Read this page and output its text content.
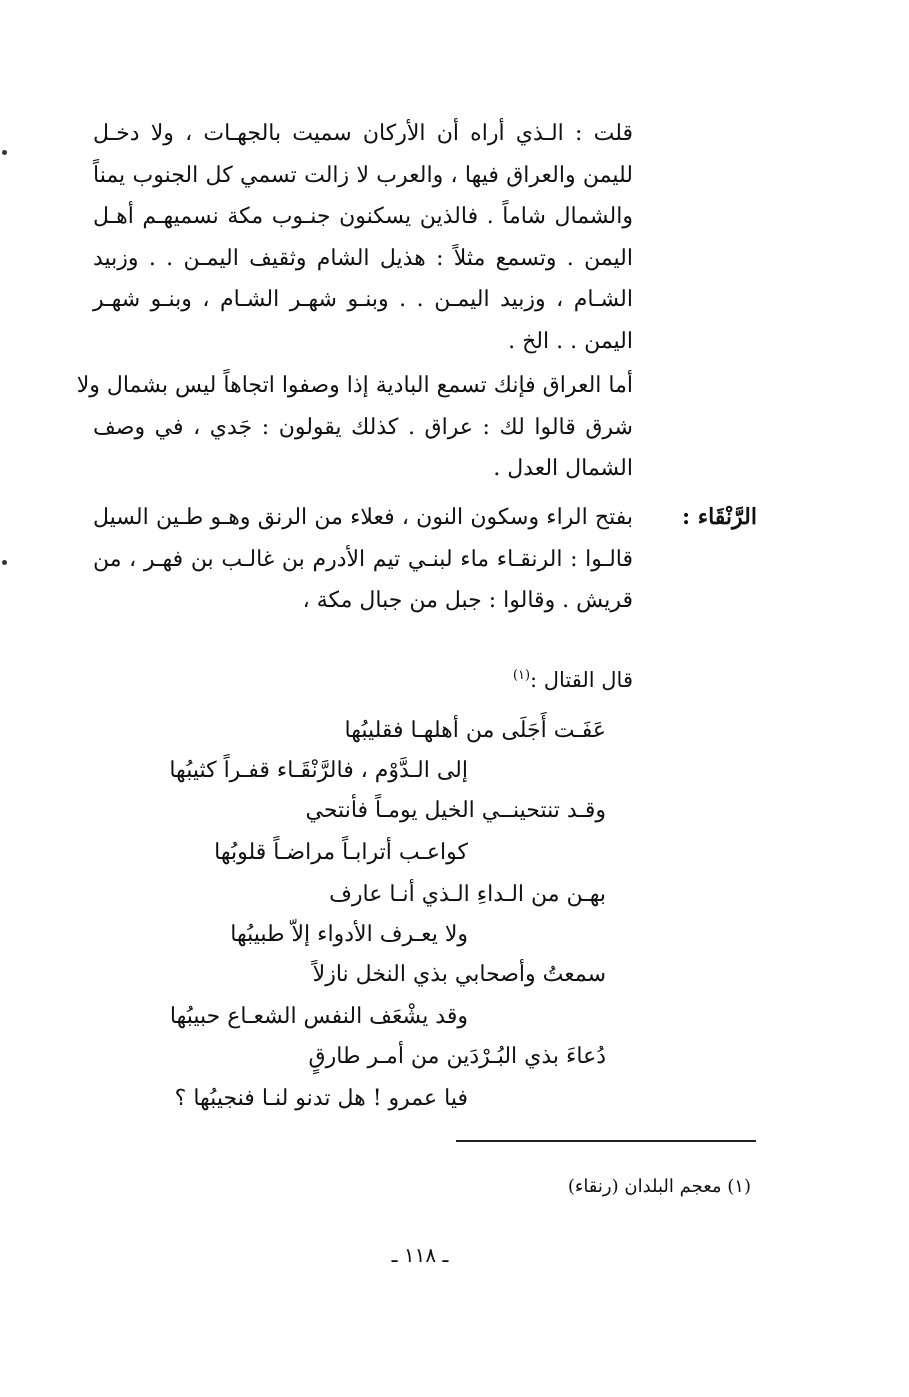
قلت : الـذي أراه أن الأركان سميت بالجهـات ، ولا دخـل
لليمن والعراق فيها ، والعرب لا زالت تسمي كل الجنوب يمناً
والشمال شاماً . فالذين يسكنون جنـوب مكة نسميهـم أهـل
اليمن . وتسمع مثلاً : هذيل الشام وثقيف اليمـن . . وزبيد
الشـام ، وزبيد اليمـن . . وبنـو شهـر الشـام ، وبنـو شهـر
اليمن . . الخ .
أما العراق فإنك تسمع البادية إذا وصفوا اتجاهاً ليس بشمال ولا
شرق قالوا لك : عراق . كذلك يقولون : جَدي ، في وصف
الشمال العدل .
الرَّنْقَاء :
بفتح الراء وسكون النون ، فعلاء من الرنق وهـو طـين السيل
قالـوا : الرنقـاء ماء لبنـي تيم الأدرم بن غالـب بن فهـر ، من
قريش . وقالوا : جبل من جبال مكة ،
قال القتال :$^{(١)}$
عَفَـت أَجَلَى من أهلهـا فقليبُها
إلى الـدَّوْم ، فالرَّنْقَـاء قفـراً كثيبُها
وقـد تنتحينــي الخيل يومـاً فأنتحي
كواعـب أترابـاً مراضـاً قلوبُها
بهـن من الـداءِ الـذي أنـا عارف
ولا يعـرف الأدواء إلاّ طبيبُها
سمعتُ وأصحابي بذي النخل نازلاً
وقد يشْعَف النفس الشعـاع حبيبُها
دُعاءَ بذي البُـرْدَين من أمـر طارقٍ
فيا عمرو ! هل تدنو لنـا فنجيبُها ؟
(١) معجم البلدان (رنقاء)
ـ ١١٨ ـ
